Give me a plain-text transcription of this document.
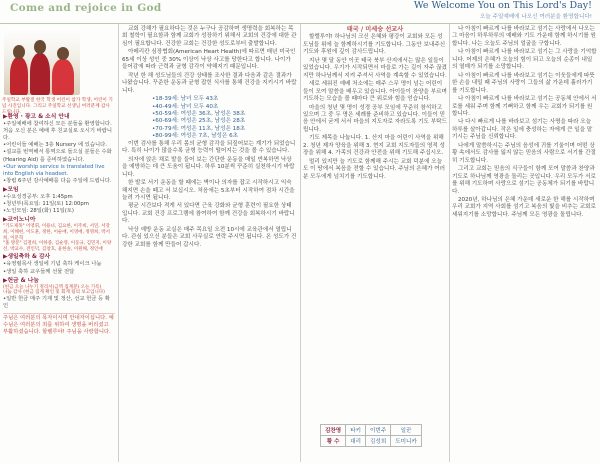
Come and rejoice in God	We Welcome You on This Lord's Day!
오늘 주일예배에 나오신 여러분을 환영합니다!
주일학교 부활절 한국 학생 어린이 참가 학생, 어린이 기념 사진입니다. 그리고 주일학교 선생님 여러분께 감사드립니다.
▶환영 · 광고 & 소식 안내
•주일예배에 참여하신 모든 분들을 환영합니다. 처음 오신 분은 예배 후 친교실로 오시기 바랍니다.
•어린이들 예배는 3층 Nursery 에 있습니다.
•설교를 번역해서 통역으로 들으실 분들은 수화 (Hearing Aid) 를 준비하였습니다.
•Our worship service is translated live into English via headset.
•창립 6주년 감사예배를 다음 주일에 드립니다.
▶모임
•수요성경공부: 오후 1:45pm
•청년부(목요일: 11일(토) 12:00pm
•노인모임: 28일(화) 11일(토)
▶코이노니아
"기도제목" 이영휘, 이용녀, 김요한, 이주희, 서연, 서강희, 이해현, 이도훈, 정한, 이순애, 이영애, 정명희, 박서희, 이문혁
"홈 방문" 김철희, 이하종, 김순영, 이동규, 김민지, 이양선, 박교수, 전인덕, 김창호, 윤한솔, 이원해, 정인애
▶생일축하 & 감사
•육영렬목사 생일에 기념 축하 케이크 나눔
•생일 축하 교우들께 선물 전달
▶헌금 & 나눔
(헌금 오늘 나누기 정리서(금액 집계분) 오늘 기록)
나눔 감사 (현금 집계 확인 및 회계 팀의 보고입니다)
•일반 헌금 매주 기재 및 정산, 선교 헌금 등 확인
주님은 여러분의 목자이시며 안내자이십니다. 예수님은 여러분의 죄를 위하여 생명을 버리셨고 부활하셨습니다. 할렐루야! 주님을 사랑합니다.

교회 강해가 필요하다는 것은 누구나 공감하며 생명력을 회복하는 목회 철학이 필요함과 함께 교회가 성장하기 위해서 교회의 건강에 대한 관심이 필요합니다. 건강한 교회는 건강한 성도로부터 출발합니다.

아메리칸 심장협회(American Heart Health)에 따르면 매년 미국인 65세 이상 성인 중 30% 이상이 낙상 사고를 당한다고 합니다. 나이가 들어감에 따라 근력과 균형 감각이 약해지기 때문입니다.

작년 한 해 성도님들의 건강 상태를 조사한 결과 다음과 같은 결과가 나왔습니다. 꾸준한 운동과 균형 잡힌 식사를 통해 건강을 지키시기 바랍니다.

•18-39세: 남녀 모두 43초

•40-49세: 남녀 모두 40초

•50-59세: 여성은 36초, 남성은 38초

•60-69세: 여성은 25초, 남성은 28초

•70-79세: 여성은 11초, 남성은 18초

•80-99세: 여성은 7초, 남성은 6초

이번 검사를 통해 우리 몸의 균형 감각을 되짚어보는 계기가 되었습니다. 특히 나이가 많을수록 균형 능력이 떨어지는 것을 볼 수 있습니다.

의자에 앉은 채로 발을 들어 보는 간단한 운동을 매일 반복하면 낙상을 예방하는 데 큰 도움이 됩니다. 하루 10분씩 꾸준히 실천하시기 바랍니다.

한 발로 서기 운동을 할 때에는 벽이나 의자를 잡고 시작하시고 익숙해지면 손을 떼고 서 보십시오. 처음에는 5초부터 시작하여 점차 시간을 늘려 가시면 됩니다.

평균 시간보다 적게 서 있다면 근육 강화와 균형 훈련이 필요한 상태입니다. 교회 건강 프로그램에 참여하여 함께 건강을 회복하시기 바랍니다.

낙상 예방 운동 교실은 매주 목요일 오전 10시에 교육관에서 열립니다. 관심 있으신 분들은 교회 사무실로 연락 주시면 됩니다. 온 성도가 건강한 교회를 함께 만들어 갑시다.

태국 / 미세숭 선교사

할렐루야! 하나님의 크신 은혜와 평강이 교회와 모든 성도님들 위에 늘 함께하시기를 기도합니다. 그동안 보내주신 기도와 후원에 깊이 감사드립니다.

지난 몇 달 동안 이곳 태국 북부 산지에서는 많은 일들이 있었습니다. 우기가 시작되면서 마을로 가는 길이 자주 끊겼지만 하나님께서 지켜 주셔서 사역을 계속할 수 있었습니다.

새로 세워진 예배 처소에는 매주 스무 명이 넘는 어린이들이 모여 말씀을 배우고 있습니다. 아이들이 찬양을 부르며 기도하는 모습을 볼 때마다 큰 위로와 힘을 얻습니다.

마을의 청년 몇 명이 성경 공부 모임에 꾸준히 참석하고 있으며 그 중 두 명은 세례를 준비하고 있습니다. 이들이 믿음 안에서 굳게 서서 마을의 지도자로 자라도록 기도 부탁드립니다.

기도 제목을 나눕니다. 1. 산지 마을 어린이 사역을 위해 2. 청년 제자 양육을 위해 3. 현지 교회 지도자들의 영적 성장을 위해 4. 가족의 건강과 안전을 위해 기도해 주십시오.

멀리 있지만 늘 기도로 함께해 주시는 교회 덕분에 오늘도 이 땅에서 복음을 전할 수 있습니다. 주님의 은혜가 여러분 모두에게 넘치기를 기도합니다.

김찬영	타키	이번주	일꾼
황 수	대리	김성희	도미니카

나 아침이 빠르게 나를 바라보고 섬기는 사랑에서 나오는 그 마음이 하루하루의 예배와 기도 가운데 함께 하시기를 원합니다. 나는 오늘도 주님의 얼굴을 구합니다.

나 아침이 빠르게 나를 바라보고 섬기는 그 사랑을 기억합니다. 어제의 은혜가 오늘의 힘이 되고 오늘의 순종이 내일의 열매가 되기를 소망합니다.

나 아침이 빠르게 나를 바라보고 섬기는 이웃들에게 따뜻한 손을 내밀 때 주님의 사랑이 그들의 삶 가운데 흘러가기를 기도합니다.

나 아침이 빠르게 나를 바라보고 섬기는 공동체 안에서 서로를 세워 주며 함께 기뻐하고 함께 우는 교회가 되기를 원합니다.

나 다시 빠르게 나를 바라보고 섬기는 사명을 따라 오늘 하루를 살아갑니다. 작은 일에 충성하는 자에게 큰 일을 맡기시는 주님을 신뢰합니다.

나에게 말씀하시는 주님의 음성에 귀를 기울이며 어떤 상황 속에서도 감사를 잃지 않는 믿음의 사람으로 서기를 간절히 기도합니다.

그리고 교회는 믿음의 식구들이 함께 모여 말씀과 찬양과 기도로 하나님께 영광을 돌리는 곳입니다. 우리 모두가 서로를 위해 기도하며 사랑으로 섬기는 공동체가 되기를 바랍니다.

2020년, 하나님의 은혜 가운데 새로운 한 해를 시작하며 우리 교회가 지역 사회를 섬기고 복음의 빛을 비추는 교회로 세워지기를 소망합니다. 주님께 모든 영광을 돌립니다.
